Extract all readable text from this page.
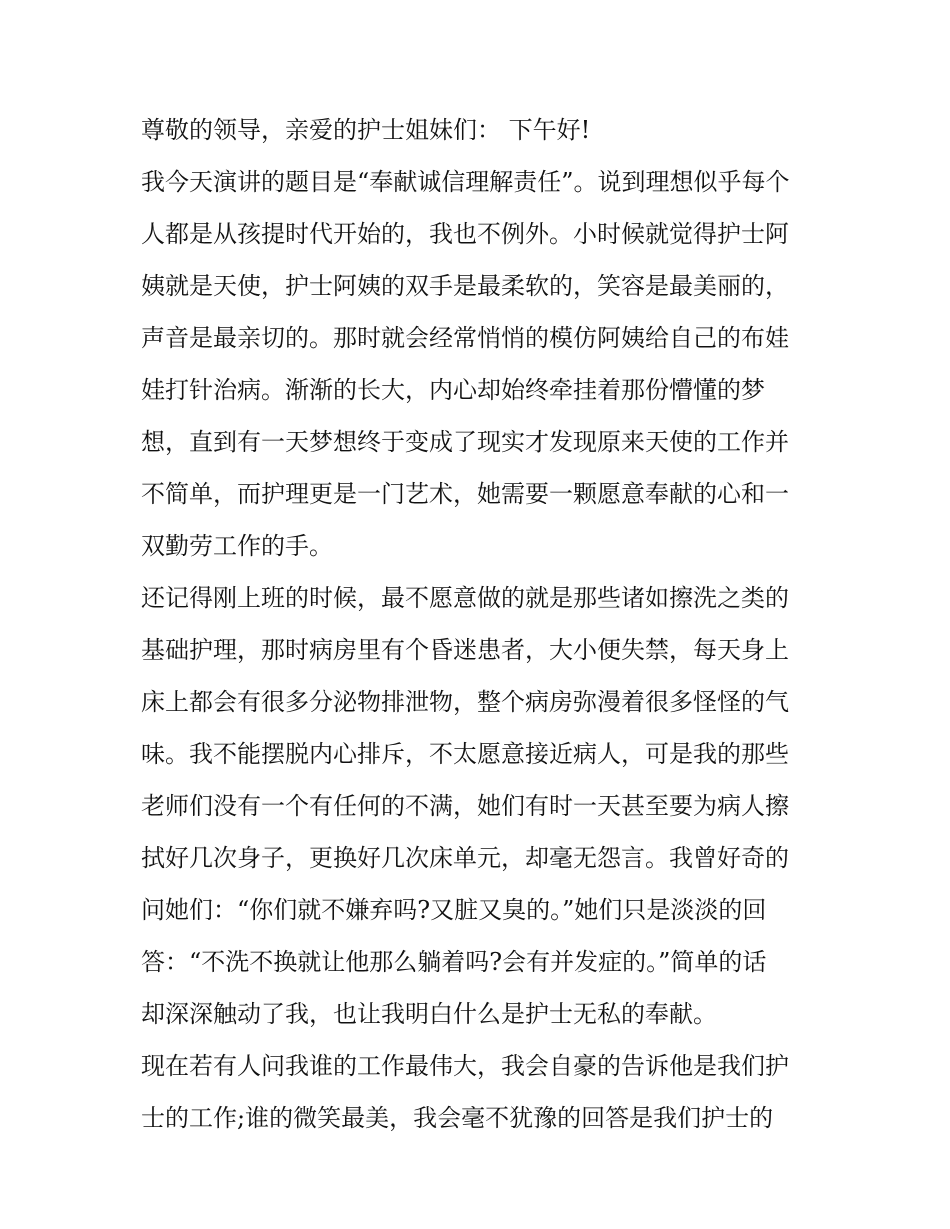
尊敬的领导，亲爱的护士姐妹们： 下午好!
我今天演讲的题目是“奉献诚信理解责任”。说到理想似乎每个
人都是从孩提时代开始的，我也不例外。小时候就觉得护士阿
姨就是天使，护士阿姨的双手是最柔软的，笑容是最美丽的，
声音是最亲切的。那时就会经常悄悄的模仿阿姨给自己的布娃
娃打针治病。渐渐的长大，内心却始终牵挂着那份懵懂的梦
想，直到有一天梦想终于变成了现实才发现原来天使的工作并
不简单，而护理更是一门艺术，她需要一颗愿意奉献的心和一
双勤劳工作的手。
还记得刚上班的时候，最不愿意做的就是那些诸如擦洗之类的
基础护理，那时病房里有个昏迷患者，大小便失禁，每天身上
床上都会有很多分泌物排泄物，整个病房弥漫着很多怪怪的气
味。我不能摆脱内心排斥，不太愿意接近病人，可是我的那些
老师们没有一个有任何的不满，她们有时一天甚至要为病人擦
拭好几次身子，更换好几次床单元，却毫无怨言。我曾好奇的
问她们：“你们就不嫌弃吗?又脏又臭的。”她们只是淡淡的回
答：“不洗不换就让他那么躺着吗?会有并发症的。”简单的话
却深深触动了我，也让我明白什么是护士无私的奉献。
现在若有人问我谁的工作最伟大，我会自豪的告诉他是我们护
士的工作;谁的微笑最美，我会毫不犹豫的回答是我们护士的
